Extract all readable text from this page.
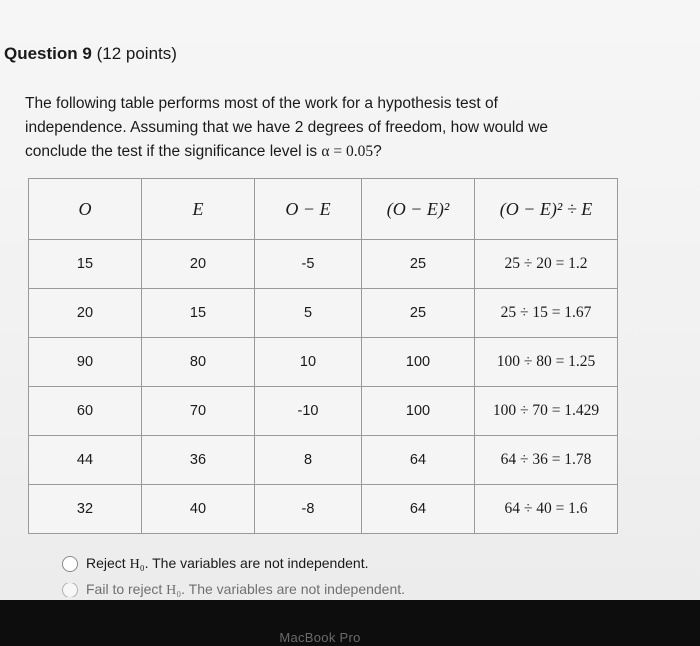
Question 9 (12 points)
The following table performs most of the work for a hypothesis test of
independence. Assuming that we have 2 degrees of freedom, how would we
conclude the test if the significance level is α = 0.05?
O	E	O − E	(O − E)²	(O − E)² ÷ E
15	20	-5	25	25 ÷ 20 = 1.2
20	15	5	25	25 ÷ 15 = 1.67
90	80	10	100	100 ÷ 80 = 1.25
60	70	-10	100	100 ÷ 70 = 1.429
44	36	8	64	64 ÷ 36 = 1.78
32	40	-8	64	64 ÷ 40 = 1.6
Reject H₀. The variables are not independent.
Fail to reject H₀. The variables are not independent.
MacBook Pro
